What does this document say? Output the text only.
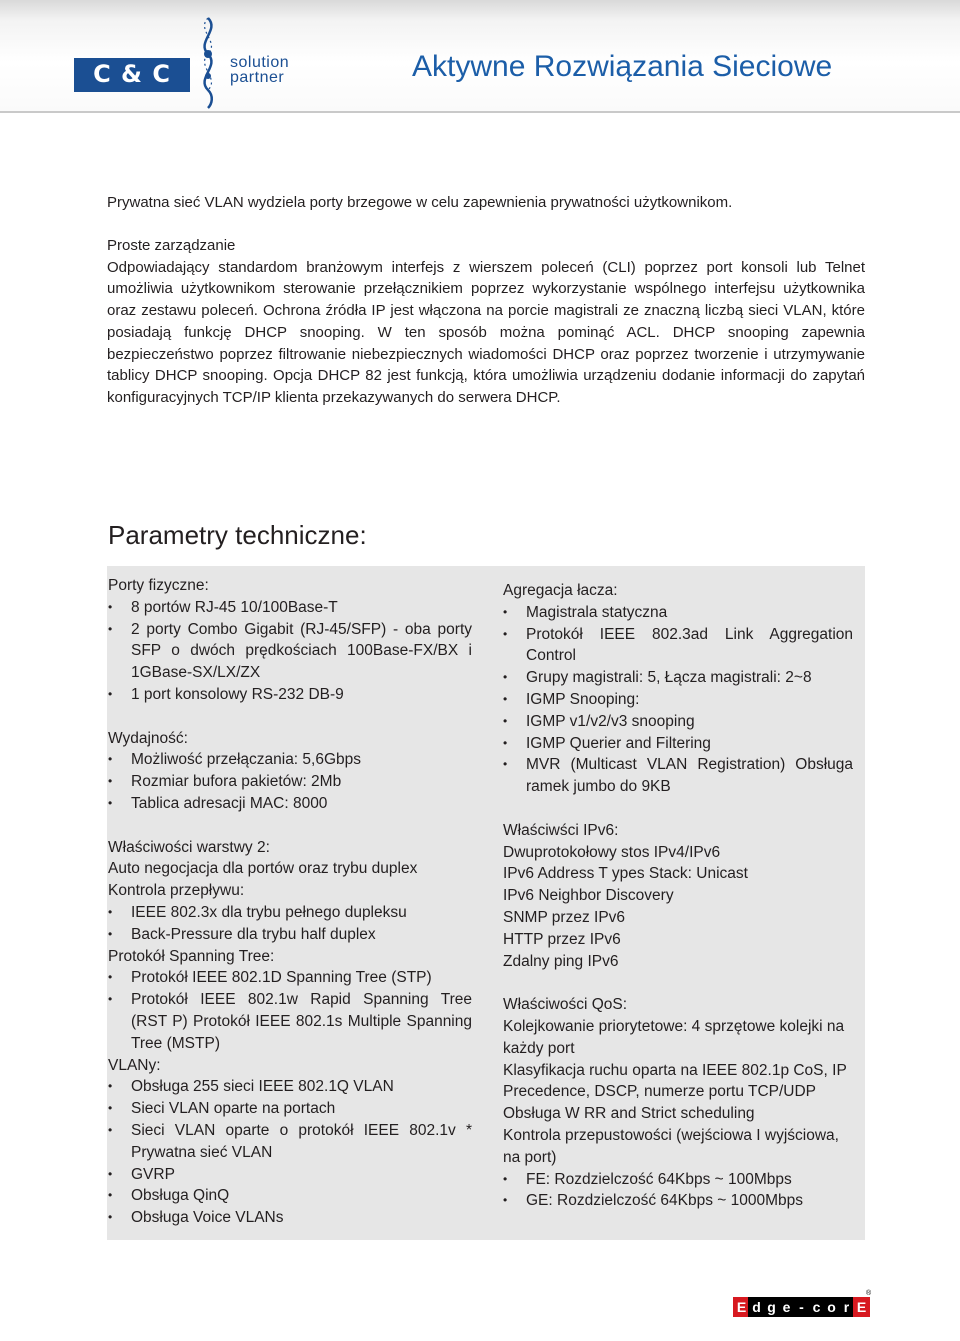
C & C	solution
partner	Aktywne Rozwiązania Sieciowe
Prywatna sieć VLAN wydziela porty brzegowe w celu zapewnienia prywatności użytkownikom.
Proste zarządzanie
Odpowiadający standardom branżowym interfejs z wierszem poleceń (CLI) poprzez port konsoli lub Telnet umożliwia użytkownikom sterowanie przełącznikiem poprzez wykorzystanie wspólnego interfejsu użytkownika oraz zestawu poleceń. Ochrona źródła IP jest włączona na porcie magistrali ze znaczną liczbą sieci VLAN, które posiadają funkcję DHCP snooping. W ten sposób można pominąć ACL. DHCP snooping zapewnia bezpieczeństwo poprzez filtrowanie niebezpiecznych wiadomości DHCP oraz poprzez tworzenie i utrzymywanie tablicy DHCP snooping. Opcja DHCP 82 jest funkcją, która umożliwia urządzeniu dodanie informacji do zapytań konfiguracyjnych TCP/IP klienta przekazywanych do serwera DHCP.
Parametry techniczne:
Porty fizyczne:
• 8 portów RJ-45 10/100Base-T
• 2 porty Combo Gigabit (RJ-45/SFP) - oba porty SFP o dwóch prędkościach 100Base-FX/BX i 1GBase-SX/LX/ZX
• 1 port konsolowy RS-232 DB-9
Wydajność:
• Możliwość przełączania: 5,6Gbps
• Rozmiar bufora pakietów: 2Mb
• Tablica adresacji MAC: 8000
Właściwości warstwy 2:
Auto negocjacja dla portów oraz trybu duplex
Kontrola przepływu:
• IEEE 802.3x dla trybu pełnego dupleksu
• Back-Pressure dla trybu half duplex
Protokół Spanning Tree:
• Protokół IEEE 802.1D Spanning Tree (STP)
• Protokół IEEE 802.1w Rapid Spanning Tree (RST P) Protokół IEEE 802.1s Multiple Spanning Tree (MSTP)
VLANy:
• Obsługa 255 sieci IEEE 802.1Q VLAN
• Sieci VLAN oparte na portach
• Sieci VLAN oparte o protokół IEEE 802.1v * Prywatna sieć VLAN
• GVRP
• Obsługa QinQ
• Obsługa Voice VLANs
Agregacja łacza:
• Magistrala statyczna
• Protokół IEEE 802.3ad Link Aggregation Control
• Grupy magistrali: 5, Łącza magistrali: 2~8
• IGMP Snooping:
• IGMP v1/v2/v3 snooping
• IGMP Querier and Filtering
• MVR (Multicast VLAN Registration) Obsługa ramek jumbo do 9KB
Właściwści IPv6:
Dwuprotokołowy stos IPv4/IPv6
IPv6 Address T ypes Stack: Unicast
IPv6 Neighbor Discovery
SNMP przez IPv6
HTTP przez IPv6
Zdalny ping IPv6
Właściwości QoS:
Kolejkowanie priorytetowe: 4 sprzętowe kolejki na każdy port
Klasyfikacja ruchu oparta na IEEE 802.1p CoS, IP Precedence, DSCP, numerze portu TCP/UDP
Obsługa W RR and Strict scheduling
Kontrola przepustowości (wejściowa I wyjściowa, na port)
• FE: Rozdzielczość 64Kbps ~ 100Mbps
• GE: Rozdzielczość 64Kbps ~ 1000Mbps
E d g e - c o r E
®
